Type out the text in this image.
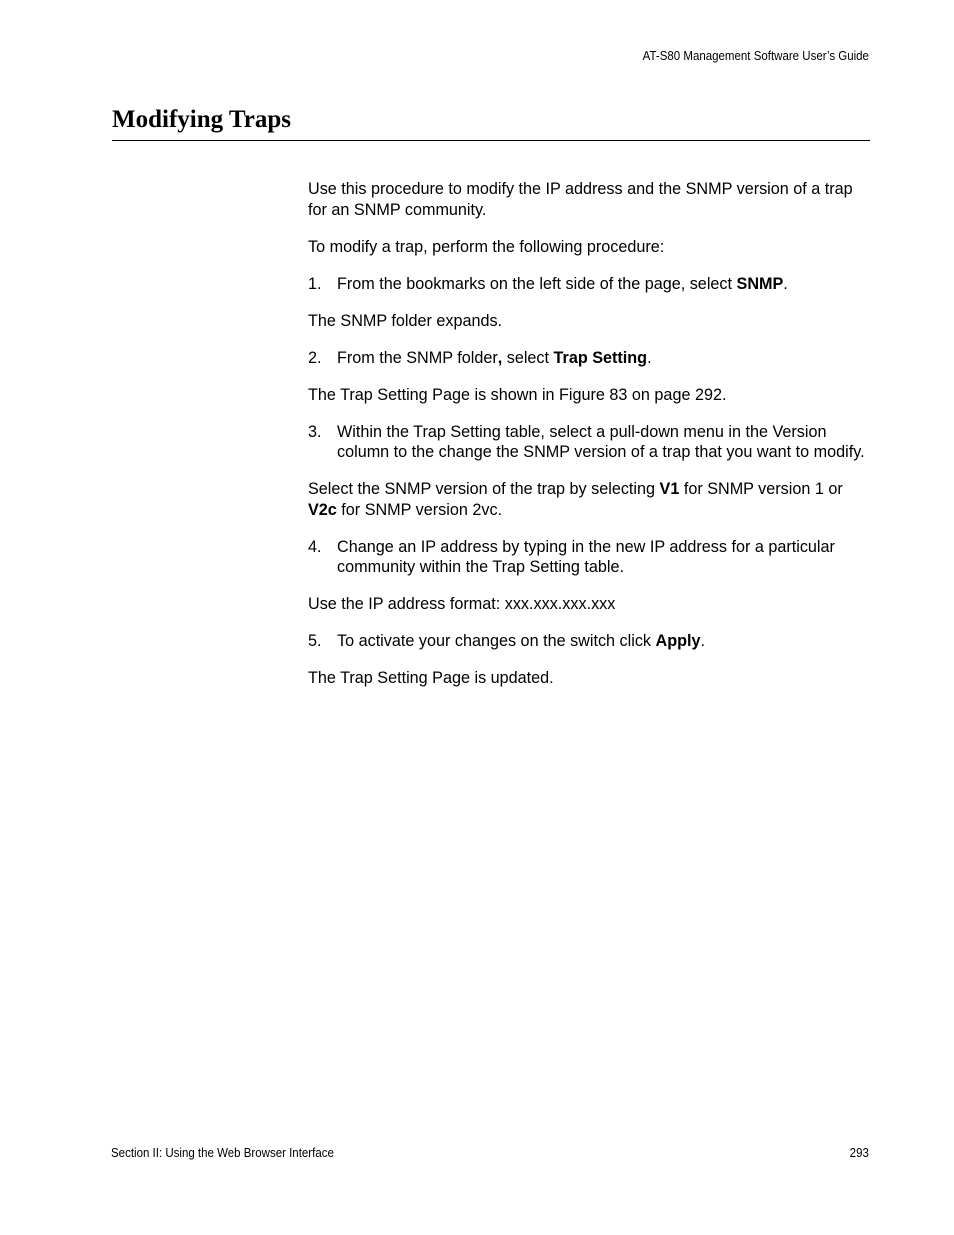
AT-S80 Management Software User’s Guide
Modifying Traps

Use this procedure to modify the IP address and the SNMP version of a trap for an SNMP community.

To modify a trap, perform the following procedure:

1. From the bookmarks on the left side of the page, select SNMP.

The SNMP folder expands.

2. From the SNMP folder, select Trap Setting.

The Trap Setting Page is shown in Figure 83 on page 292.

3. Within the Trap Setting table, select a pull-down menu in the Version column to the change the SNMP version of a trap that you want to modify.

Select the SNMP version of the trap by selecting V1 for SNMP version 1 or V2c for SNMP version 2vc.

4. Change an IP address by typing in the new IP address for a particular community within the Trap Setting table.

Use the IP address format: xxx.xxx.xxx.xxx

5. To activate your changes on the switch click Apply.

The Trap Setting Page is updated.

Section II: Using the Web Browser Interface	293
